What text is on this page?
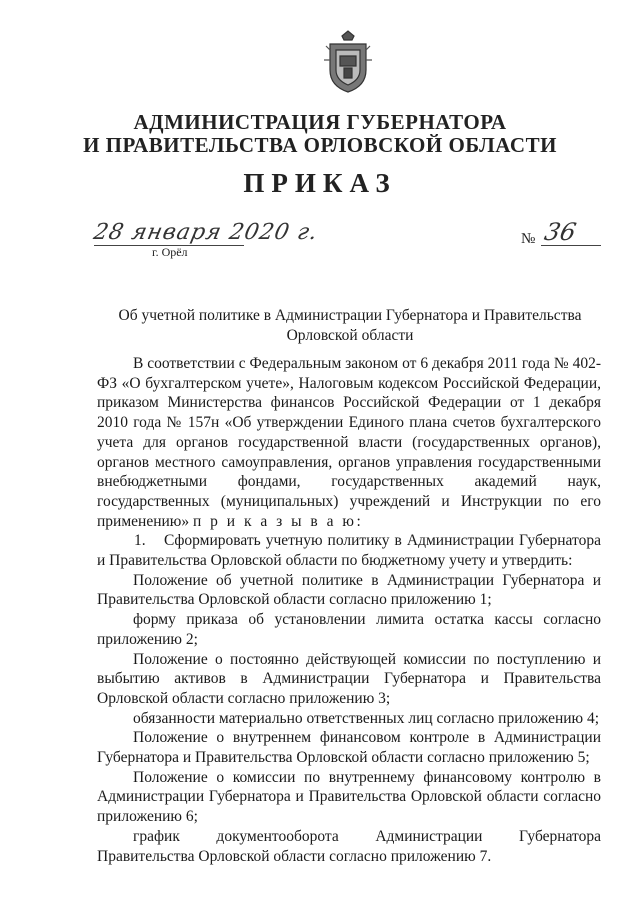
АДМИНИСТРАЦИЯ ГУБЕРНАТОРА
И ПРАВИТЕЛЬСТВА ОРЛОВСКОЙ ОБЛАСТИ
ПРИКАЗ
28 января 2020 г.
г. Орёл
№ 36
Об учетной политике в Администрации Губернатора и Правительства Орловской области

В соответствии с Федеральным законом от 6 декабря 2011 года № 402-ФЗ «О бухгалтерском учете», Налоговым кодексом Российской Федерации, приказом Министерства финансов Российской Федерации от 1 декабря 2010 года № 157н «Об утверждении Единого плана счетов бухгалтерского учета для органов государственной власти (государственных органов), органов местного самоуправления, органов управления государственными внебюджетными фондами, государственных академий наук, государственных (муниципальных) учреждений и Инструкции по его применению» п р и к а з ы в а ю:

1. Сформировать учетную политику в Администрации Губернатора и Правительства Орловской области по бюджетному учету и утвердить:

Положение об учетной политике в Администрации Губернатора и Правительства Орловской области согласно приложению 1;

форму приказа об установлении лимита остатка кассы согласно приложению 2;

Положение о постоянно действующей комиссии по поступлению и выбытию активов в Администрации Губернатора и Правительства Орловской области согласно приложению 3;

обязанности материально ответственных лиц согласно приложению 4;

Положение о внутреннем финансовом контроле в Администрации Губернатора и Правительства Орловской области согласно приложению 5;

Положение о комиссии по внутреннему финансовому контролю в Администрации Губернатора и Правительства Орловской области согласно приложению 6;

график документооборота Администрации Губернатора Правительства Орловской области согласно приложению 7.
